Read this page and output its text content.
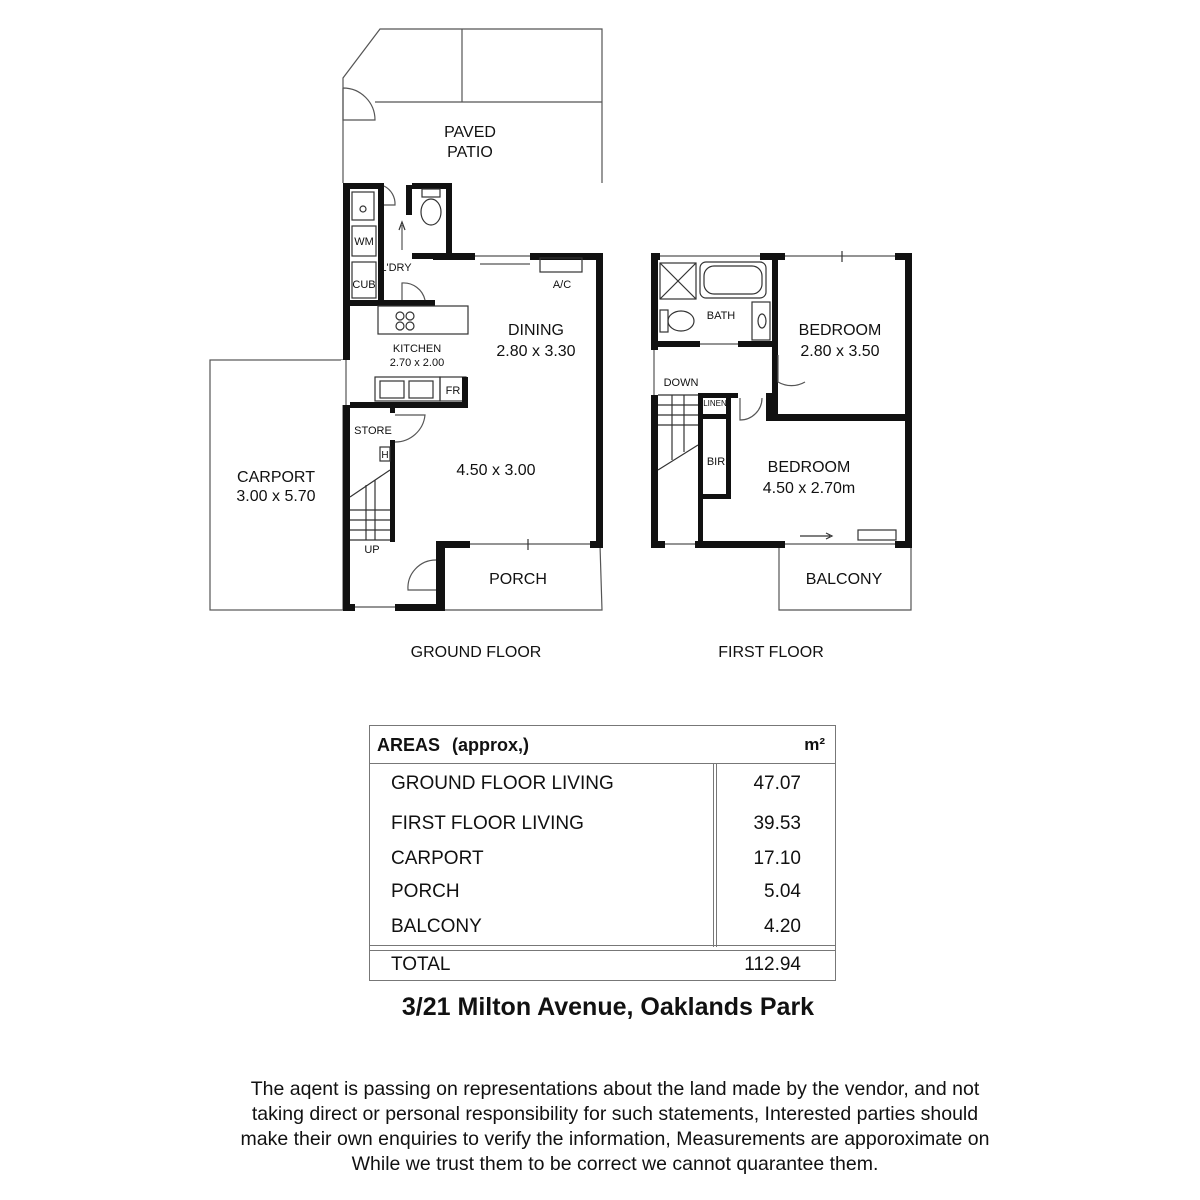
PAVED
PATIO
L'DRY
WM
CUB	A/C
DINING
2.80 x 3.30
KITCHEN
2.70 x 2.00
FR
STORE
H
4.50 x 3.00
CARPORT
3.00 x 5.70
UP
PORCH
GROUND FLOOR
BATH
BEDROOM
2.80 x 3.50
DOWN
LINEN
BIR	BEDROOM
4.50 x 2.70m
BALCONY
FIRST FLOOR
AREAS (approx,)	m²
GROUND FLOOR LIVING	47.07
FIRST FLOOR LIVING	39.53
CARPORT	17.10
PORCH	5.04
BALCONY	4.20
TOTAL	112.94
3/21 Milton Avenue, Oaklands Park
The aqent is passing on representations about the land made by the vendor, and not
taking direct or personal responsibility for such statements, Interested parties should
make their own enquiries to verify the information, Measurements are apporoximate on
While we trust them to be correct we cannot quarantee them.
